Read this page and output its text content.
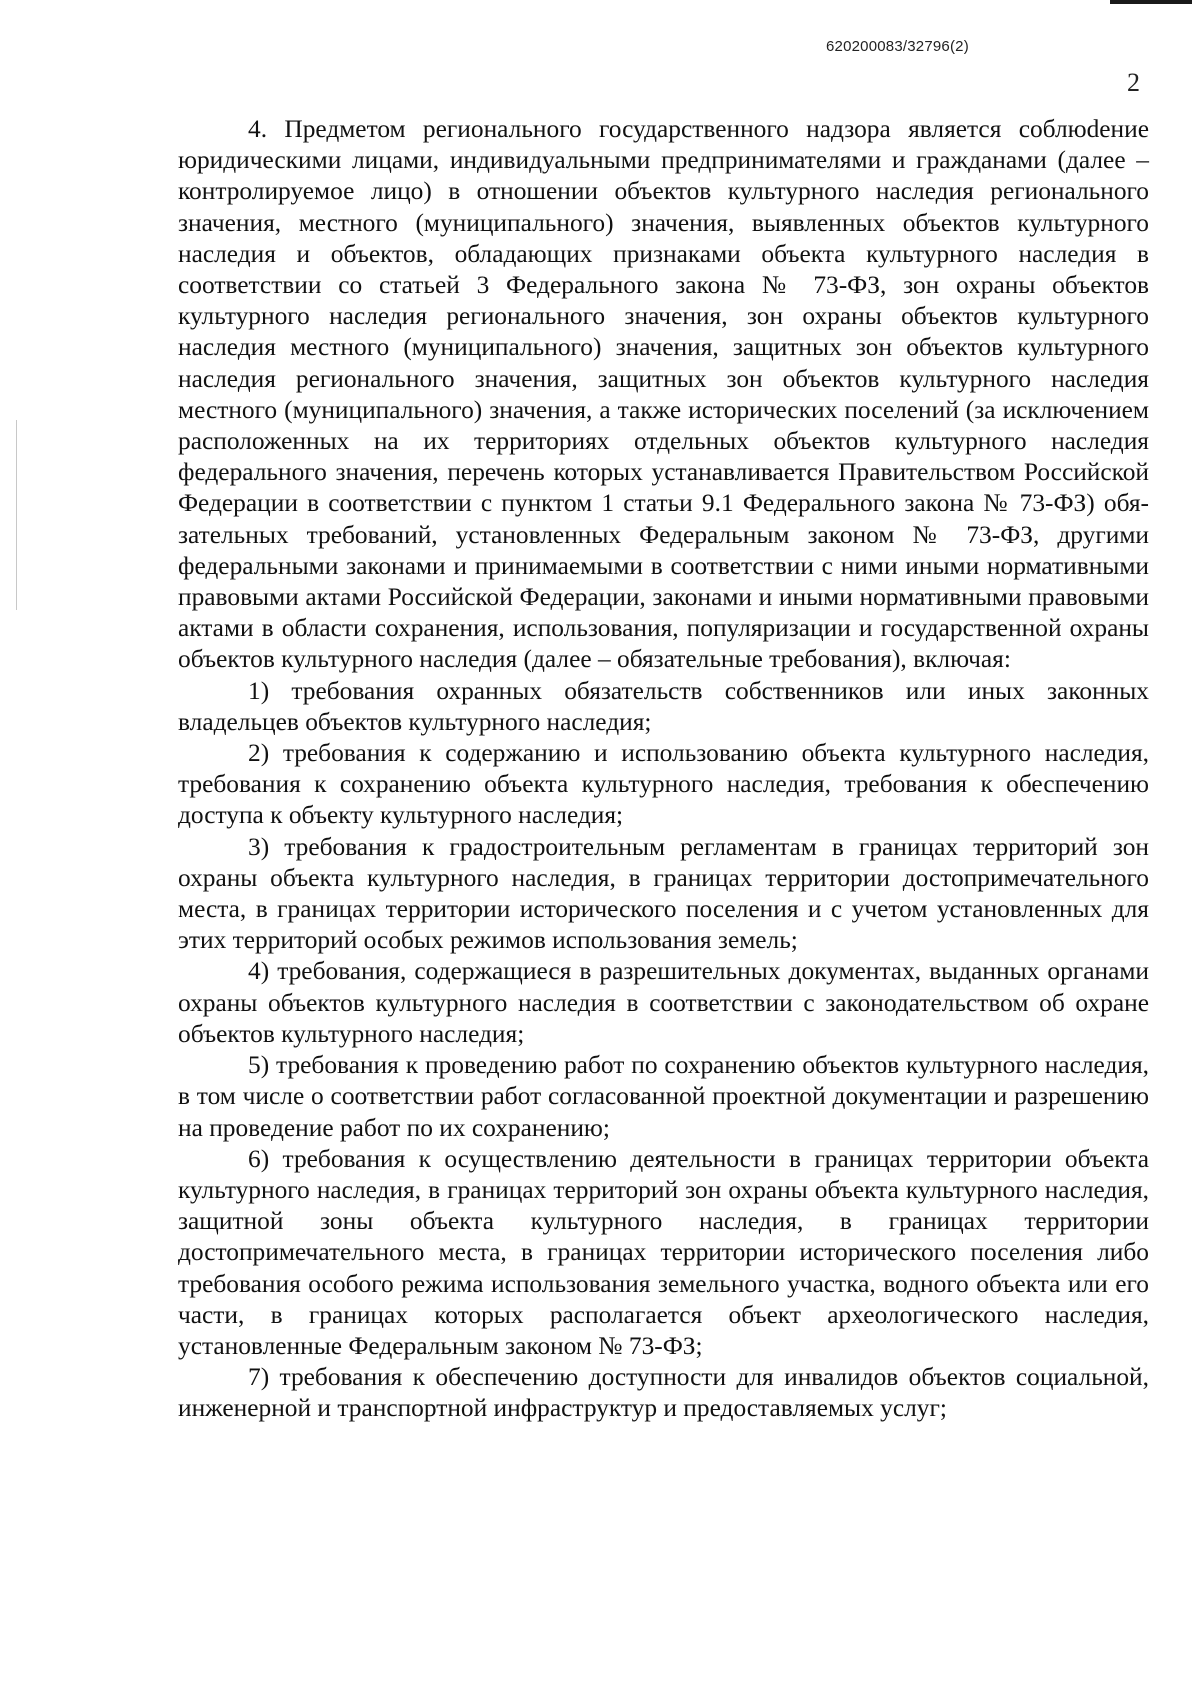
620200083/32796(2)
2

4. Предметом регионального государственного надзора является соблюdение юридическими лицами, индивидуальными предпринимателями и гражданами (далее – контролируемое лицо) в отношении объектов культурного наследия регионального значения, местного (муниципального) значения, выявленных объектов культурного наследия и объектов, обладающих признаками объекта культурного наследия в соответствии со статьей 3 Федерального закона № 73-ФЗ, зон охраны объектов культурного наследия регионального значения, зон охраны объектов культурного наследия местного (муниципального) значения, защитных зон объектов культурного наследия регионального значения, защитных зон объектов культурного наследия местного (муниципального) значения, а также исторических поселений (за исключением расположенных на их территориях отдельных объектов культурного наследия федерального значения, перечень которых устанавливается Правительством Российской Федерации в соответствии с пунктом 1 статьи 9.1 Федерального закона № 73-ФЗ) обязательных требований, установленных Федеральным законом № 73-ФЗ, другими федеральными законами и принимаемыми в соответствии с ними иными нормативными правовыми актами Российской Федерации, законами и иными нормативными правовыми актами в области сохранения, использования, популяризации и государственной охраны объектов культурного наследия (далее – обязательные требования), включая:

1) требования охранных обязательств собственников или иных законных владельцев объектов культурного наследия;

2) требования к содержанию и использованию объекта культурного наследия, требования к сохранению объекта культурного наследия, требования к обеспечению доступа к объекту культурного наследия;

3) требования к градостроительным регламентам в границах территорий зон охраны объекта культурного наследия, в границах территории достопримечательного места, в границах территории исторического поселения и с учетом установленных для этих территорий особых режимов использования земель;

4) требования, содержащиеся в разрешительных документах, выданных органами охраны объектов культурного наследия в соответствии с законодательством об охране объектов культурного наследия;

5) требования к проведению работ по сохранению объектов культурного наследия, в том числе о соответствии работ согласованной проектной документации и разрешению на проведение работ по их сохранению;

6) требования к осуществлению деятельности в границах территории объекта культурного наследия, в границах территорий зон охраны объекта культурного наследия, защитной зоны объекта культурного наследия, в границах территории достопримечательного места, в границах территории исторического поселения либо требования особого режима использования земельного участка, водного объекта или его части, в границах которых располагается объект археологического наследия, установленные Федеральным законом № 73-ФЗ;

7) требования к обеспечению доступности для инвалидов объектов социальной, инженерной и транспортной инфраструктур и предоставляемых услуг;
